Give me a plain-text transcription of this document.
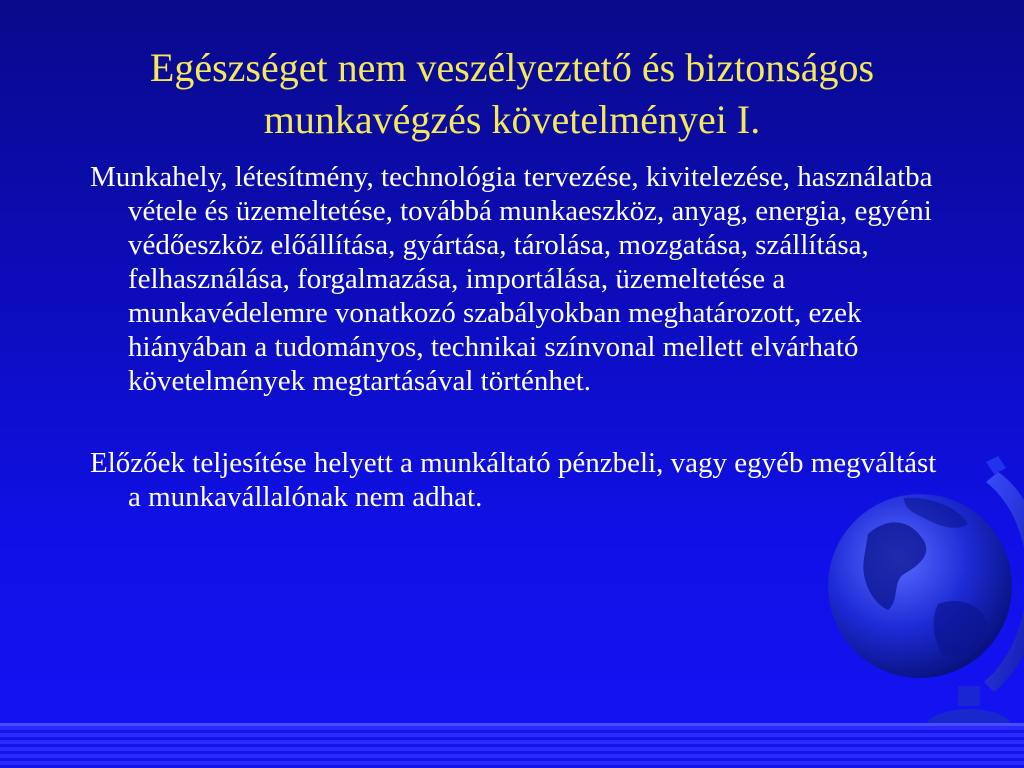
Egészséget nem veszélyeztető és biztonságos munkavégzés követelményei I.

Munkahely, létesítmény, technológia tervezése, kivitelezése, használatba vétele és üzemeltetése, továbbá munkaeszköz, anyag, energia, egyéni védőeszköz előállítása, gyártása, tárolása, mozgatása, szállítása, felhasználása, forgalmazása, importálása, üzemeltetése a munkavédelemre vonatkozó szabályokban meghatározott, ezek hiányában a tudományos, technikai színvonal mellett elvárható követelmények megtartásával történhet.

Előzőek teljesítése helyett a munkáltató pénzbeli, vagy egyéb megváltást a munkavállalónak nem adhat.
